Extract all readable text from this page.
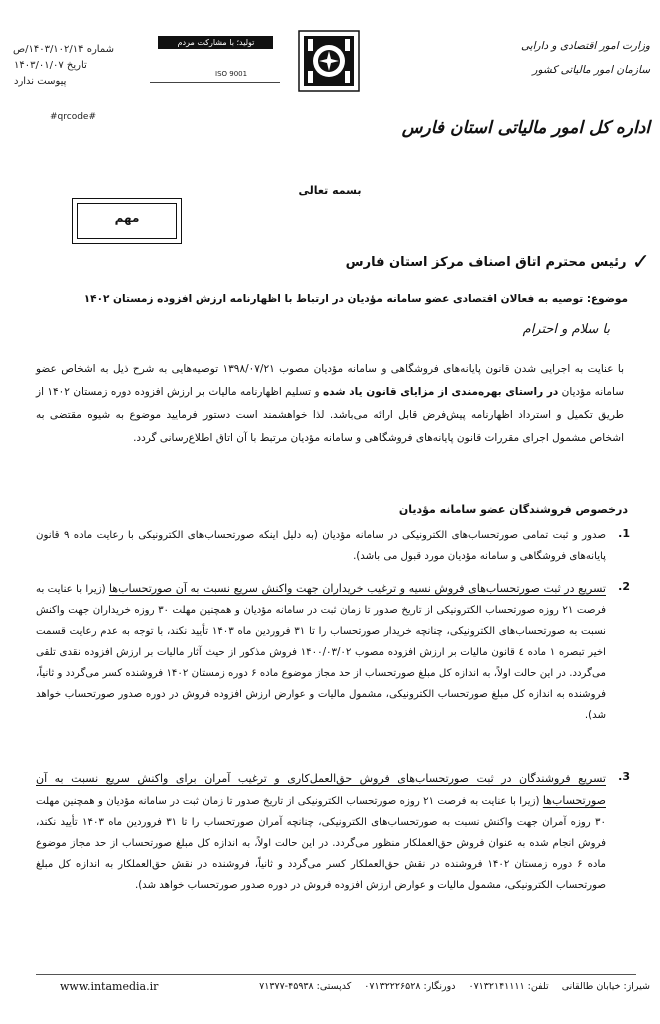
شماره ۱۴۰۳/۱۰۲/۱۴/ص
تاریخ ۱۴۰۳/۰۱/۰۷
پیوست ندارد
#qrcode#
تولید؛ با مشارکت مردم
ISO 9001
وزارت امور اقتصادی و دارایی
سازمان امور مالیاتی کشور
اداره کل امور مالیاتی استان فارس
بسمه تعالی
مهم
✓ رئیس محترم اتاق اصناف مرکز استان فارس
موضوع: توصیه به فعالان اقتصادی عضو سامانه مؤدیان در ارتباط با اظهارنامه ارزش افزوده زمستان ۱۴۰۲
با سلام و احترام
با عنایت به اجرایی شدن قانون پایانه‌های فروشگاهی و سامانه مؤدیان مصوب ۱۳۹۸/۰۷/۲۱ توصیه‌هایی به شرح ذیل به اشخاص عضو سامانه مؤدیان در راستای بهره‌مندی از مزایای قانون یاد شده و تسلیم اظهارنامه مالیات بر ارزش افزوده دوره زمستان ۱۴۰۲ از طریق تکمیل و استرداد اظهارنامه پیش‌فرض قابل ارائه می‌باشد. لذا خواهشمند است دستور فرمایید موضوع به شیوه مقتضی به اشخاص مشمول اجرای مقررات قانون پایانه‌های فروشگاهی و سامانه مؤدیان مرتبط با آن اتاق اطلاع‌رسانی گردد.
درخصوص فروشندگان عضو سامانه مؤدیان
1.
صدور و ثبت تمامی صورتحساب‌های الکترونیکی در سامانه مؤدیان (به دلیل اینکه صورتحساب‌های الکترونیکی با رعایت ماده ۹ قانون پایانه‌های فروشگاهی و سامانه مؤدیان مورد قبول می باشد).
2.
تسریع در ثبت صورتحساب‌های فروش نسیه و ترغیب خریداران جهت واکنش سریع نسبت به آن صورتحساب‌ها (زیرا با عنایت به فرصت ۲۱ روزه صورتحساب الکترونیکی از تاریخ صدور تا زمان ثبت در سامانه مؤدیان و همچنین مهلت ۳۰ روزه خریداران جهت واکنش نسبت به صورتحساب‌های الکترونیکی، چنانچه خریدار صورتحساب را تا ۳۱ فروردین ماه ۱۴۰۳ تأیید نکند، با توجه به عدم رعایت قسمت اخیر تبصره ۱ ماده ٤ قانون مالیات بر ارزش افزوده مصوب ۱۴۰۰/۰۳/۰۲ فروش مذکور از حیث آثار مالیات بر ارزش افزوده نقدی تلقی می‌گردد. در این حالت اولاً، به اندازه کل مبلغ صورتحساب از حد مجاز موضوع ماده ۶ دوره زمستان ۱۴۰۲ فروشنده کسر می‌گردد و ثانیاً، فروشنده به اندازه کل مبلغ صورتحساب الکترونیکی، مشمول مالیات و عوارض ارزش افزوده فروش در دوره صدور صورتحساب خواهد شد).
3.
تسریع فروشندگان در ثبت صورتحساب‌های فروش حق‌العمل‌کاری و ترغیب آمران برای واکنش سریع نسبت به آن صورتحساب‌ها (زیرا با عنایت به فرصت ۲۱ روزه صورتحساب الکترونیکی از تاریخ صدور تا زمان ثبت در سامانه مؤدیان و همچنین مهلت ۳۰ روزه آمران جهت واکنش نسبت به صورتحساب‌های الکترونیکی، چنانچه آمران صورتحساب را تا ۳۱ فروردین ماه ۱۴۰۳ تأیید نکند، فروش انجام شده به عنوان فروش حق‌العملکار منظور می‌گردد. در این حالت اولاً، به اندازه کل مبلغ صورتحساب از حد مجاز موضوع ماده ۶ دوره زمستان ۱۴۰۲ فروشنده در نقش حق‌العملکار کسر می‌گردد و ثانیاً، فروشنده در نقش حق‌العملکار به اندازه کل مبلغ صورتحساب الکترونیکی، مشمول مالیات و عوارض ارزش افزوده فروش در دوره صدور صورتحساب خواهد شد).
www.intamedia.ir	شیراز: خیابان طالقانی تلفن: ۰۷۱۳۲۱۴۱۱۱۱ دورنگار: ۰۷۱۳۲۲۲۶۵۲۸ کدپستی: ۴۵۹۳۸-۷۱۳۷۷
